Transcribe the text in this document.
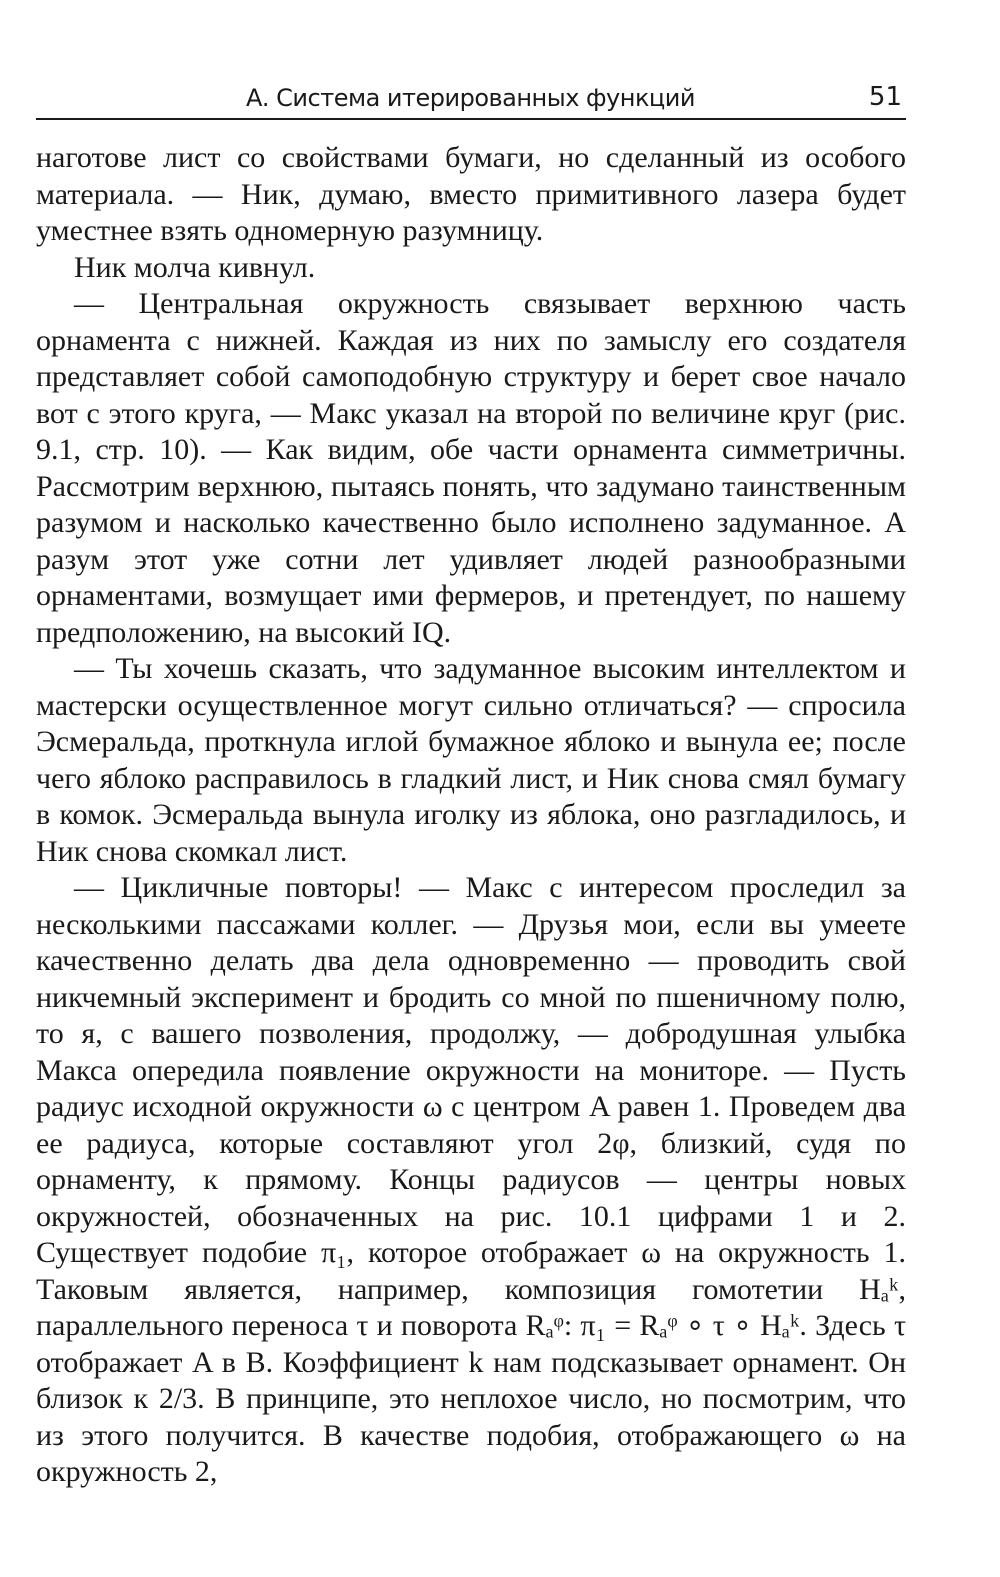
А. Система итерированных функций	51

наготове лист со свойствами бумаги, но сделанный из особого материала. — Ник, думаю, вместо примитивного лазера будет уместнее взять одномерную разумницу.

Ник молча кивнул.

— Центральная окружность связывает верхнюю часть орнамента с нижней. Каждая из них по замыслу его создателя представляет собой самоподобную структуру и берет свое начало вот с этого круга, — Макс указал на второй по величине круг (рис. 9.1, стр. 10). — Как видим, обе части орнамента симметричны. Рассмотрим верхнюю, пытаясь понять, что задумано таинственным разумом и насколько качественно было исполнено задуманное. А разум этот уже сотни лет удивляет людей разнообразными орнаментами, возмущает ими фермеров, и претендует, по нашему предположению, на высокий IQ.

— Ты хочешь сказать, что задуманное высоким интеллектом и мастерски осуществленное могут сильно отличаться? — спросила Эсмеральда, проткнула иглой бумажное яблоко и вынула ее; после чего яблоко расправилось в гладкий лист, и Ник снова смял бумагу в комок. Эсмеральда вынула иголку из яблока, оно разгладилось, и Ник снова скомкал лист.

— Цикличные повторы! — Макс с интересом проследил за несколькими пассажами коллег. — Друзья мои, если вы умеете качественно делать два дела одновременно — проводить свой никчемный эксперимент и бродить со мной по пшеничному полю, то я, с вашего позволения, продолжу, — добродушная улыбка Макса опередила появление окружности на мониторе. — Пусть радиус исходной окружности ω с центром A равен 1. Проведем два ее радиуса, которые составляют угол 2φ, близкий, судя по орнаменту, к прямому. Концы радиусов — центры новых окружностей, обозначенных на рис. 10.1 цифрами 1 и 2. Существует подобие π₁, которое отображает ω на окружность 1. Таковым является, например, композиция гомотетии Hₐᵏ, параллельного переноса τ и поворота Rₐᵠ: π₁ = Rₐᵠ ∘ τ ∘ Hₐᵏ. Здесь τ отображает A в B. Коэффициент k нам подсказывает орнамент. Он близок к 2/3. В принципе, это неплохое число, но посмотрим, что из этого получится. В качестве подобия, отображающего ω на окружность 2,
